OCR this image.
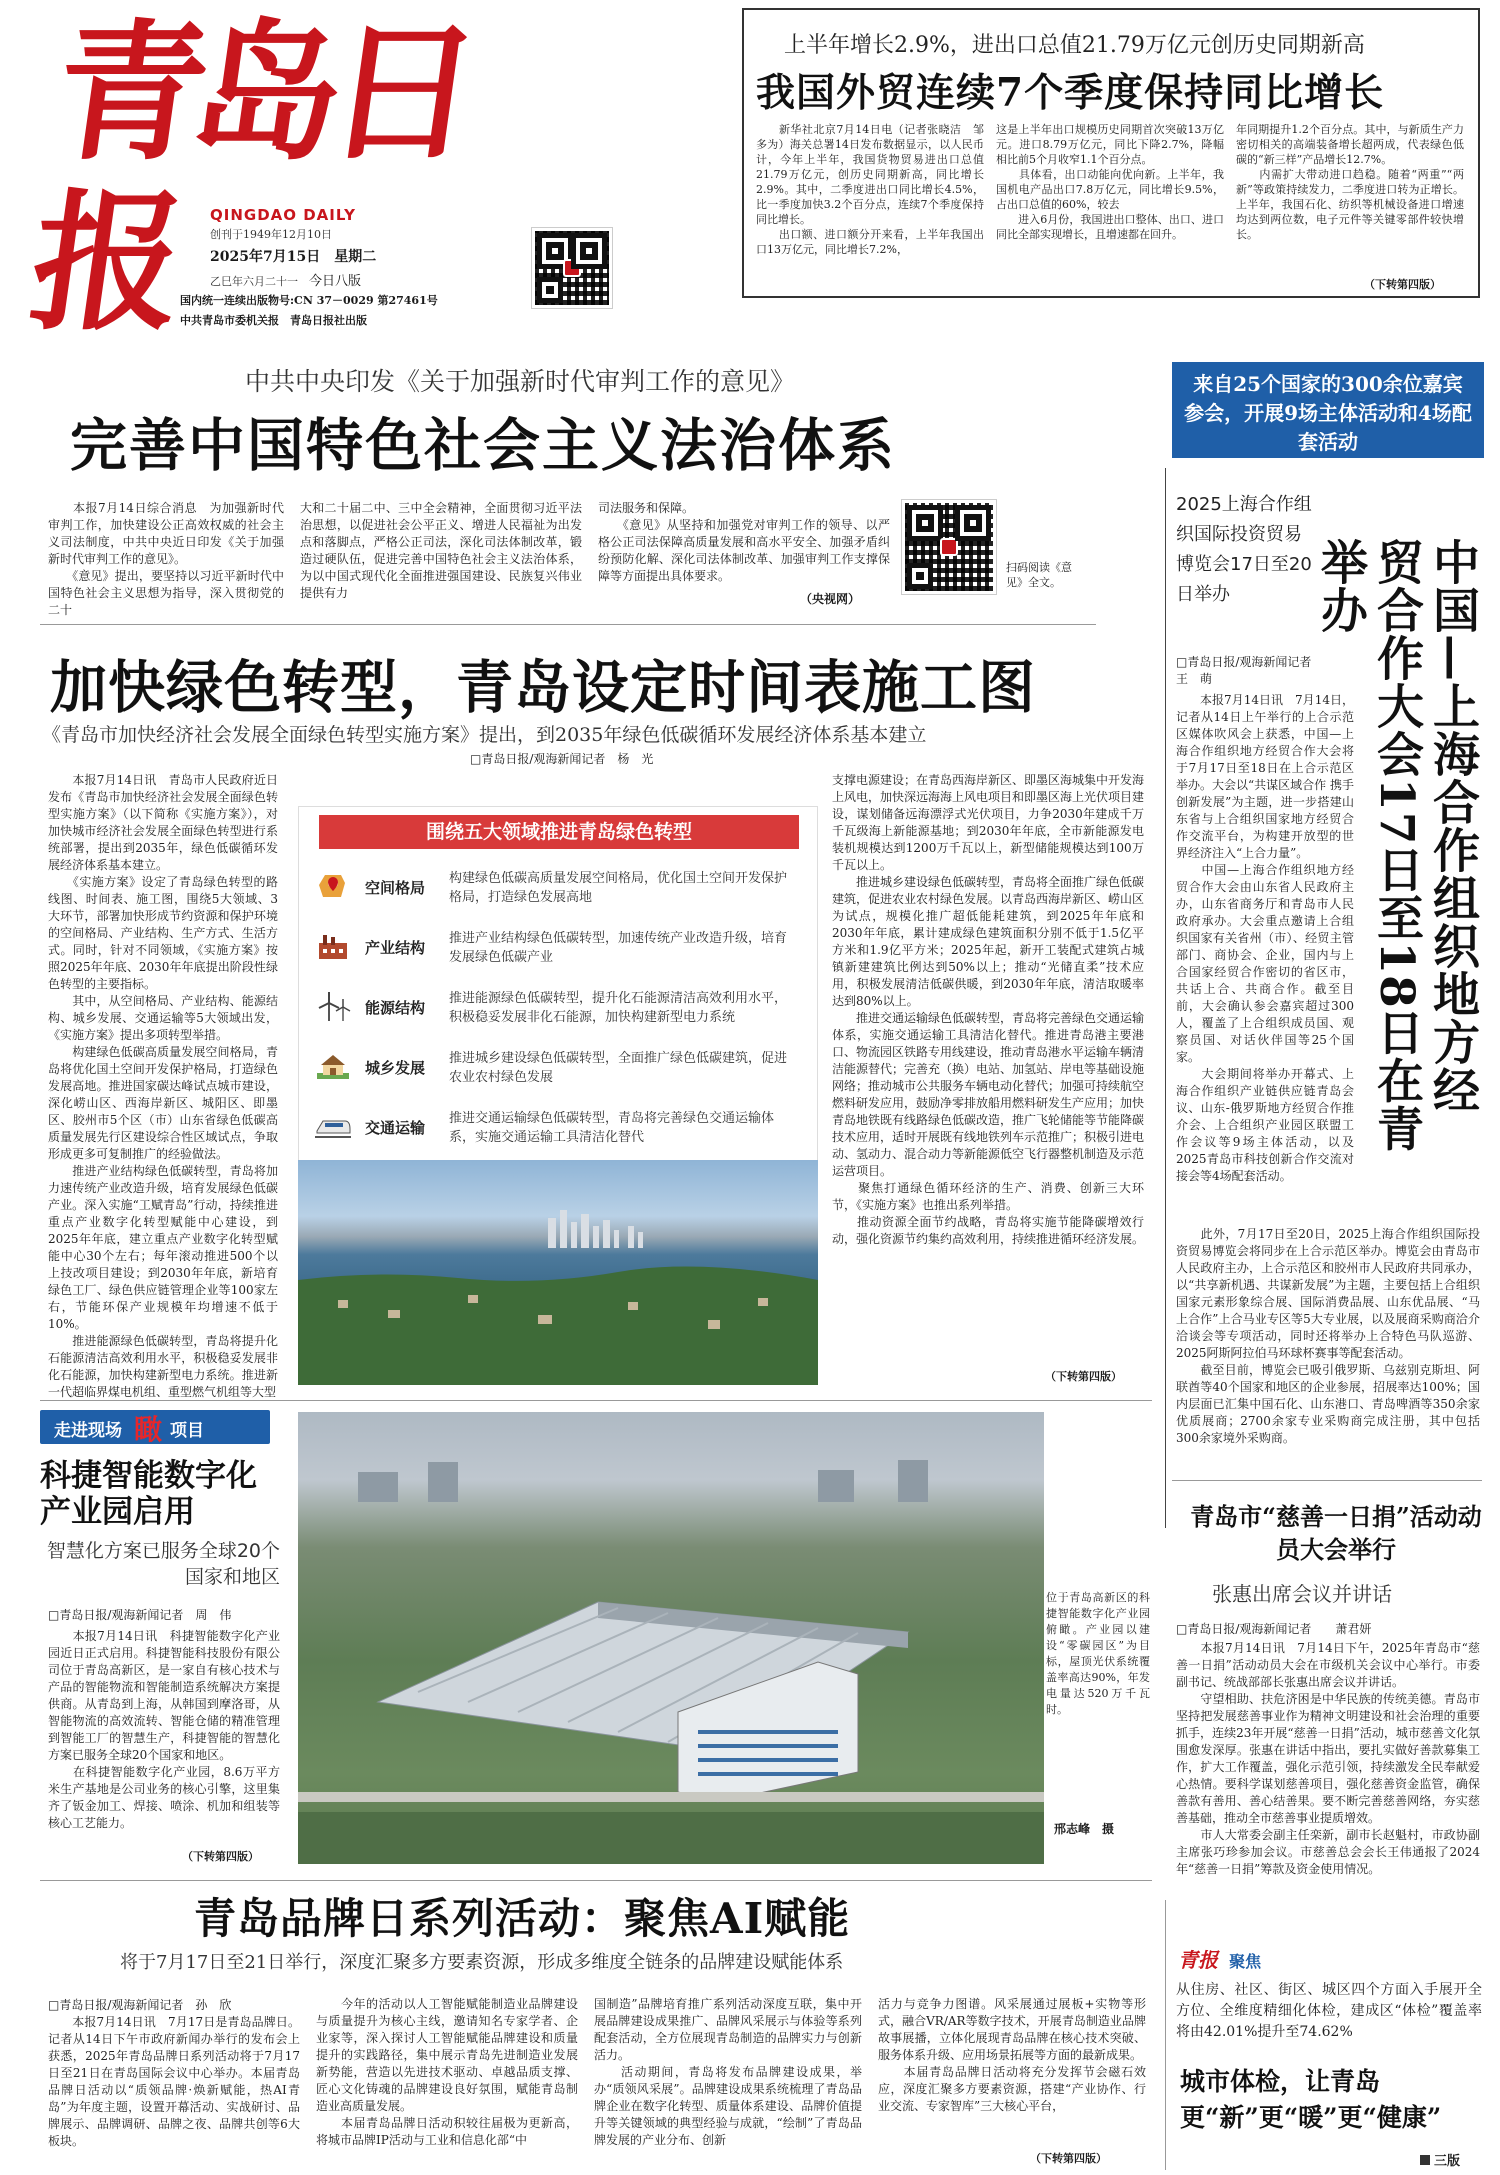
青岛日报	QINGDAO DAILY
创刊于1949年12月10日
2025年7月15日　 星期二
乙巳年六月二十一　 今日八版
国内统一连续出版物号:CN 37－0029 第27461号
中共青岛市委机关报　青岛日报社出版
上半年增长2.9%，进出口总值21.79万亿元创历史同期新高
我国外贸连续7个季度保持同比增长
　　新华社北京7月14日电（记者张晓洁　邹多为）海关总署14日发布数据显示，以人民币计，今年上半年，我国货物贸易进出口总值21.79万亿元，创历史同期新高，同比增长2.9%。其中，二季度进出口同比增长4.5%，比一季度加快3.2个百分点，连续7个季度保持同比增长。
　　出口额、进口额分开来看，上半年我国出口13万亿元，同比增长7.2%，
这是上半年出口规模历史同期首次突破13万亿元。进口8.79万亿元，同比下降2.7%，降幅相比前5个月收窄1.1个百分点。
　　具体看，出口动能向优向新。上半年，我国机电产品出口7.8万亿元，同比增长9.5%，占出口总值的60%，较去
　　进入6月份，我国进出口整体、出口、进口同比全部实现增长，且增速都在回升。
年同期提升1.2个百分点。其中，与新质生产力密切相关的高端装备增长超两成，代表绿色低碳的“新三样”产品增长12.7%。
　　内需扩大带动进口趋稳。随着“两重”“两新”等政策持续发力，二季度进口转为正增长。上半年，我国石化、纺织等机械设备进口增速均达到两位数，电子元件等关键零部件较快增长。
（下转第四版）
中共中央印发《关于加强新时代审判工作的意见》
完善中国特色社会主义法治体系
　　本报7月14日综合消息　为加强新时代审判工作，加快建设公正高效权威的社会主义司法制度，中共中央近日印发《关于加强新时代审判工作的意见》。
　　《意见》提出，要坚持以习近平新时代中国特色社会主义思想为指导，深入贯彻党的二十
大和二十届二中、三中全会精神，全面贯彻习近平法治思想，以促进社会公平正义、增进人民福祉为出发点和落脚点，严格公正司法，深化司法体制改革，锻造过硬队伍，促进完善中国特色社会主义法治体系，为以中国式现代化全面推进强国建设、民族复兴伟业提供有力
司法服务和保障。
　　《意见》从坚持和加强党对审判工作的领导、以严格公正司法保障高质量发展和高水平安全、加强矛盾纠纷预防化解、深化司法体制改革、加强审判工作支撑保障等方面提出具体要求。
（央视网）
扫码阅读《意见》全文。
来自25个国家的300余位嘉宾参会，开展9场主体活动和4场配套活动
2025上海合作组织国际投资贸易博览会17日至20日举办	中国—上海合作组织地方经贸合作大会17日至18日在青举办
□青岛日报/观海新闻记者　　　王　萌
　　本报7月14日讯　7月14日，记者从14日上午举行的上合示范区媒体吹风会上获悉，中国—上海合作组织地方经贸合作大会将于7月17日至18日在上合示范区举办。大会以“共谋区域合作 携手创新发展”为主题，进一步搭建山东省与上合组织国家地方经贸合作交流平台，为构建开放型的世界经济注入“上合力量”。
　　中国—上海合作组织地方经贸合作大会由山东省人民政府主办，山东省商务厅和青岛市人民政府承办。大会重点邀请上合组织国家有关省州（市）、经贸主管部门、商协会、企业，国内与上合国家经贸合作密切的省区市，共话上合、共商合作。截至目前，大会确认参会嘉宾超过300人，覆盖了上合组织成员国、观察员国、对话伙伴国等25个国家。
　　大会期间将举办开幕式、上海合作组织产业链供应链青岛会议、山东-俄罗斯地方经贸合作推介会、上合组织产业园区联盟工作会议等9场主体活动，以及2025青岛市科技创新合作交流对接会等4场配套活动。
　　此外，7月17日至20日，2025上海合作组织国际投资贸易博览会将同步在上合示范区举办。博览会由青岛市人民政府主办，上合示范区和胶州市人民政府共同承办，以“共享新机遇、共谋新发展”为主题，主要包括上合组织国家元素形象综合展、国际消费品展、山东优品展、“马上合作”上合马业专区等5大专业展，以及展商采购商洽介洽谈会等专项活动，同时还将举办上合特色马队巡游、2025阿斯阿拉伯马环球杯赛事等配套活动。
　　截至目前，博览会已吸引俄罗斯、乌兹别克斯坦、阿联酋等40个国家和地区的企业参展，招展率达100%；国内层面已汇集中国石化、山东港口、青岛啤酒等350余家优质展商；2700余家专业采购商完成注册，其中包括300余家境外采购商。
加快绿色转型，青岛设定时间表施工图
《青岛市加快经济社会发展全面绿色转型实施方案》提出，到2035年绿色低碳循环发展经济体系基本建立
□青岛日报/观海新闻记者　杨　光
　　本报7月14日讯　青岛市人民政府近日发布《青岛市加快经济社会发展全面绿色转型实施方案》（以下简称《实施方案》），对加快城市经济社会发展全面绿色转型进行系统部署，提出到2035年，绿色低碳循环发展经济体系基本建立。
　　《实施方案》设定了青岛绿色转型的路线图、时间表、施工图，围绕5大领域、3大环节，部署加快形成节约资源和保护环境的空间格局、产业结构、生产方式、生活方式。同时，针对不同领域，《实施方案》按照2025年年底、2030年年底提出阶段性绿色转型的主要指标。
　　其中，从空间格局、产业结构、能源结构、城乡发展、交通运输等5大领域出发，《实施方案》提出多项转型举措。
　　构建绿色低碳高质量发展空间格局，青岛将优化国土空间开发保护格局，打造绿色发展高地。推进国家碳达峰试点城市建设，深化崂山区、西海岸新区、城阳区、即墨区、胶州市5个区（市）山东省绿色低碳高质量发展先行区建设综合性区域试点，争取形成更多可复制推广的经验做法。
　　推进产业结构绿色低碳转型，青岛将加力速传统产业改造升级，培育发展绿色低碳产业。深入实施“工赋青岛”行动，持续推进重点产业数字化转型赋能中心建设，到2025年年底，建立重点产业数字化转型赋能中心30个左右；每年滚动推进500个以上技改项目建设；到2030年年底，新培育绿色工厂、绿色供应链管理企业等100家左右，节能环保产业规模年均增速不低于10%。
　　推进能源绿色低碳转型，青岛将提升化石能源清洁高效利用水平，积极稳妥发展非化石能源，加快构建新型电力系统。推进新一代超临界煤电机组、重型燃气机组等大型
围绕五大领域推进青岛绿色转型
空间格局
构建绿色低碳高质量发展空间格局，优化国土空间开发保护格局，打造绿色发展高地
产业结构
推进产业结构绿色低碳转型，加速传统产业改造升级，培育发展绿色低碳产业
能源结构
推进能源绿色低碳转型，提升化石能源清洁高效利用水平，积极稳妥发展非化石能源，加快构建新型电力系统
城乡发展
推进城乡建设绿色低碳转型，全面推广绿色低碳建筑，促进农业农村绿色发展
交通运输
推进交通运输绿色低碳转型，青岛将完善绿色交通运输体系，实施交通运输工具清洁化替代
支撑电源建设；在青岛西海岸新区、即墨区海城集中开发海上风电，加快深远海海上风电项目和即墨区海上光伏项目建设，谋划储备远海漂浮式光伏项目，力争2030年建成千万千瓦级海上新能源基地；到2030年年底，全市新能源发电装机规模达到1200万千瓦以上，新型储能规模达到100万千瓦以上。
　　推进城乡建设绿色低碳转型，青岛将全面推广绿色低碳建筑，促进农业农村绿色发展。以青岛西海岸新区、崂山区为试点，规模化推广超低能耗建筑，到2025年年底和2030年年底，累计建成绿色建筑面积分别不低于1.5亿平方米和1.9亿平方米；2025年起，新开工装配式建筑占城镇新建建筑比例达到50%以上；推动“光储直柔”技术应用，积极发展清洁低碳供暖，到2030年年底，清洁取暖率达到80%以上。
　　推进交通运输绿色低碳转型，青岛将完善绿色交通运输体系，实施交通运输工具清洁化替代。推进青岛港主要港口、物流园区铁路专用线建设，推动青岛港水平运输车辆清洁能源替代；完善充（换）电站、加氢站、岸电等基础设施网络；推动城市公共服务车辆电动化替代；加强可持续航空燃料研发应用，鼓励净零排放船用燃料研发生产应用；加快青岛地铁既有线路绿色低碳改造，推广飞轮储能等节能降碳技术应用，适时开展既有线地铁列车示范推广；积极引进电动、氢动力、混合动力等新能源低空飞行器整机制造及示范运营项目。
　　聚焦打通绿色循环经济的生产、消费、创新三大环节，《实施方案》也推出系列举措。
　　推动资源全面节约战略，青岛将实施节能降碳增效行动，强化资源节约集约高效利用，持续推进循环经济发展。
（下转第四版）
走进现场 瞰 项目
科捷智能数字化产业园启用
智慧化方案已服务全球20个国家和地区
□青岛日报/观海新闻记者　周　伟
　　本报7月14日讯　科捷智能数字化产业园近日正式启用。科捷智能科技股份有限公司位于青岛高新区，是一家自有核心技术与产品的智能物流和智能制造系统解决方案提供商。从青岛到上海，从韩国到摩洛哥，从智能物流的高效流转、智能仓储的精准管理到智能工厂的智慧生产，科捷智能的智慧化方案已服务全球20个国家和地区。
　　在科捷智能数字化产业园，8.6万平方米生产基地是公司业务的核心引擎，这里集齐了钣金加工、焊接、喷涂、机加和组装等核心工艺能力。
（下转第四版）
位于青岛高新区的科捷智能数字化产业园俯瞰。产业园以建设“零碳园区”为目标，屋顶光伏系统覆盖率高达90%，年发电量达520万千瓦时。
邢志峰　摄
青岛市“慈善一日捐”活动动员大会举行
张惠出席会议并讲话
□青岛日报/观海新闻记者　　萧君妍
　　本报7月14日讯　7月14日下午，2025年青岛市“慈善一日捐”活动动员大会在市级机关会议中心举行。市委副书记、统战部部长张惠出席会议并讲话。
　　守望相助、扶危济困是中华民族的传统美德。青岛市坚持把发展慈善事业作为精神文明建设和社会治理的重要抓手，连续23年开展“慈善一日捐”活动，城市慈善文化氛围愈发深厚。张惠在讲话中指出，要扎实做好善款募集工作，扩大工作覆盖，强化示范引领，持续激发全民奉献爱心热情。要科学谋划慈善项目，强化慈善资金监管，确保善款有善用、善心结善果。要不断完善慈善网络，夯实慈善基础，推动全市慈善事业提质增效。
　　市人大常委会副主任栾新，副市长赵魁村，市政协副主席张巧珍参加会议。市慈善总会会长王伟通报了2024年“慈善一日捐”筹款及资金使用情况。
青岛品牌日系列活动：聚焦AI赋能
将于7月17日至21日举行，深度汇聚多方要素资源，形成多维度全链条的品牌建设赋能体系
□青岛日报/观海新闻记者　孙　欣
　　本报7月14日讯　7月17日是青岛品牌日。记者从14日下午市政府新闻办举行的发布会上获悉，2025年青岛品牌日系列活动将于7月17日至21日在青岛国际会议中心举办。本届青岛品牌日活动以“质领品牌·焕新赋能，热AI青岛”为年度主题，设置开幕活动、实战研讨、品牌展示、品牌调研、品牌之夜、品牌共创等6大板块。
　　今年的活动以人工智能赋能制造业品牌建设与质量提升为核心主线，邀请知名专家学者、企业家等，深入探讨人工智能赋能品牌建设和质量提升的实践路径，集中展示青岛先进制造业发展新势能，营造以先进技术驱动、卓越品质支撑、匠心文化铸魂的品牌建设良好氛围，赋能青岛制造业高质量发展。
　　本届青岛品牌日活动积较往届极为更新高，将城市品牌IP活动与工业和信息化部“中
国制造”品牌培育推广系列活动深度互联，集中开展品牌建设成果推广、品牌风采展示与体验等系列配套活动，全方位展现青岛制造的品牌实力与创新活力。
　　活动期间，青岛将发布品牌建设成果，举办“质领风采展”。品牌建设成果系统梳理了青岛品牌企业在数字化转型、质量体系建设、品牌价值提升等关键领域的典型经验与成就，“绘制”了青岛品牌发展的产业分布、创新
活力与竞争力图谱。风采展通过展板+实物等形式，融合VR/AR等数字技术，开展青岛制造业品牌故事展播，立体化展现青岛品牌在核心技术突破、服务体系升级、应用场景拓展等方面的最新成果。
　　本届青岛品牌日活动将充分发挥节会磁石效应，深度汇聚多方要素资源，搭建“产业协作、行业交流、专家智库”三大核心平台，
（下转第四版）
青报 聚焦
从住房、社区、街区、城区四个方面入手展开全方位、全维度精细化体检，建成区“体检”覆盖率将由42.01%提升至74.62%
城市体检，让青岛更“新”更“暖”更“健康”
三版
